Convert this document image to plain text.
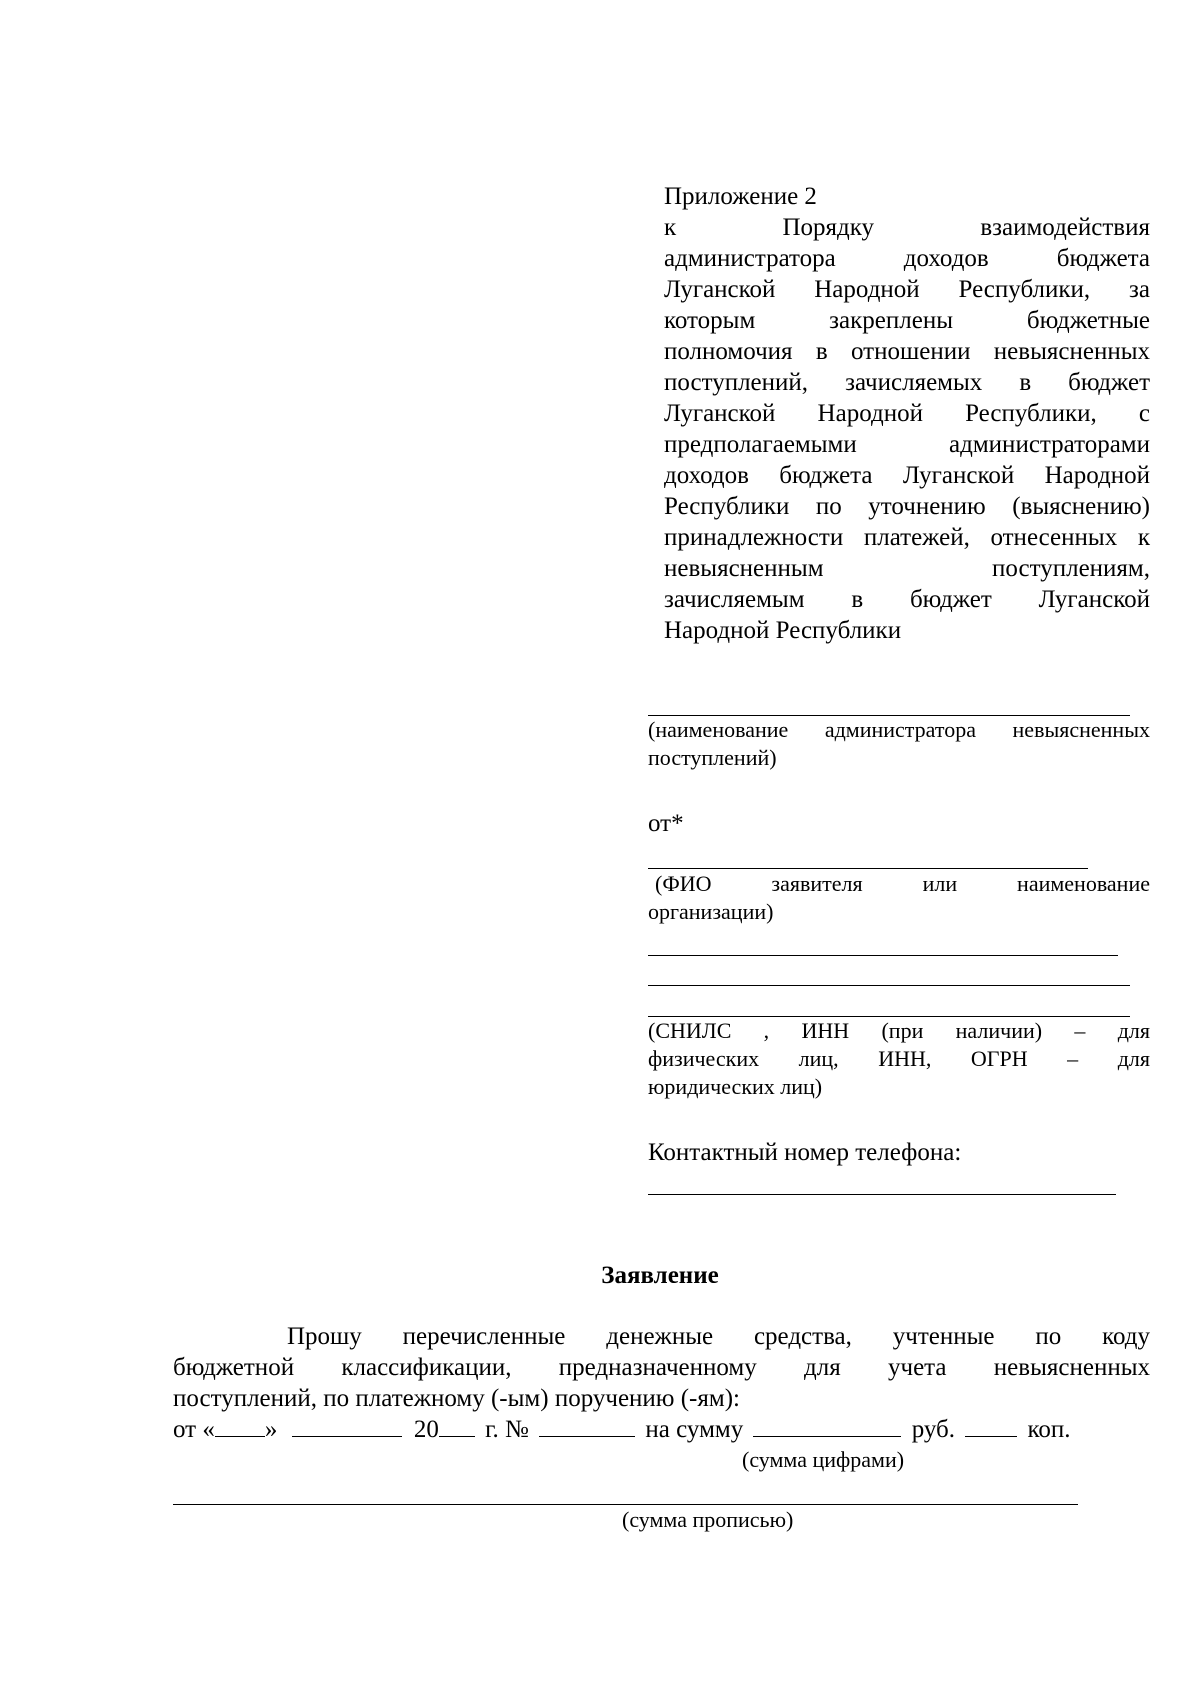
Приложение 2
к Порядку взаимодействия
администратора доходов бюджета
Луганской Народной Республики, за
которым закреплены бюджетные
полномочия в отношении невыясненных
поступлений, зачисляемых в бюджет
Луганской Народной Республики, с
предполагаемыми администраторами
доходов бюджета Луганской Народной
Республики по уточнению (выяснению)
принадлежности платежей, отнесенных к
невыясненным поступлениям,
зачисляемым в бюджет Луганской
Народной Республики
(наименование администратора невыясненных
поступлений)
от*
(ФИО заявителя или наименование
организации)
(СНИЛС , ИНН (при наличии) – для
физических лиц, ИНН, ОГРН – для
юридических лиц)
Контактный номер телефона:
Заявление
Прошу перечисленные денежные средства, учтенные по коду
бюджетной классификации, предназначенному для учета невыясненных
поступлений, по платежному (-ым) поручению (-ям):
от « »	20 г. №	на сумму	руб.	коп.
(сумма цифрами)
(сумма прописью)
